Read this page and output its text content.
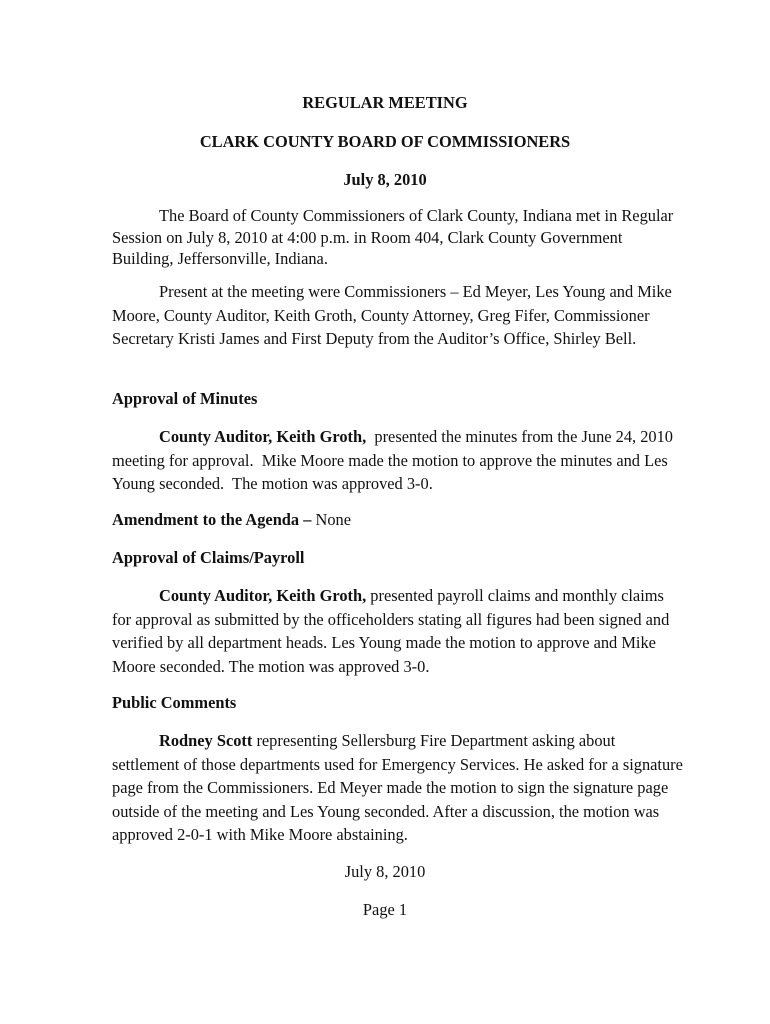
REGULAR MEETING
CLARK COUNTY BOARD OF COMMISSIONERS
July 8, 2010

The Board of County Commissioners of Clark County, Indiana met in Regular Session on July 8, 2010 at 4:00 p.m. in Room 404, Clark County Government Building, Jeffersonville, Indiana.

Present at the meeting were Commissioners – Ed Meyer, Les Young and Mike Moore, County Auditor, Keith Groth, County Attorney, Greg Fifer, Commissioner Secretary Kristi James and First Deputy from the Auditor’s Office, Shirley Bell.

Approval of Minutes

County Auditor, Keith Groth,  presented the minutes from the June 24, 2010 meeting for approval.  Mike Moore made the motion to approve the minutes and Les Young seconded.  The motion was approved 3-0.

Amendment to the Agenda – None
Approval of Claims/Payroll

County Auditor, Keith Groth, presented payroll claims and monthly claims for approval as submitted by the officeholders stating all figures had been signed and verified by all department heads. Les Young made the motion to approve and Mike Moore seconded. The motion was approved 3-0.

Public Comments

Rodney Scott representing Sellersburg Fire Department asking about settlement of those departments used for Emergency Services. He asked for a signature page from the Commissioners. Ed Meyer made the motion to sign the signature page outside of the meeting and Les Young seconded. After a discussion, the motion was approved 2-0-1 with Mike Moore abstaining.

July 8, 2010
Page 1
